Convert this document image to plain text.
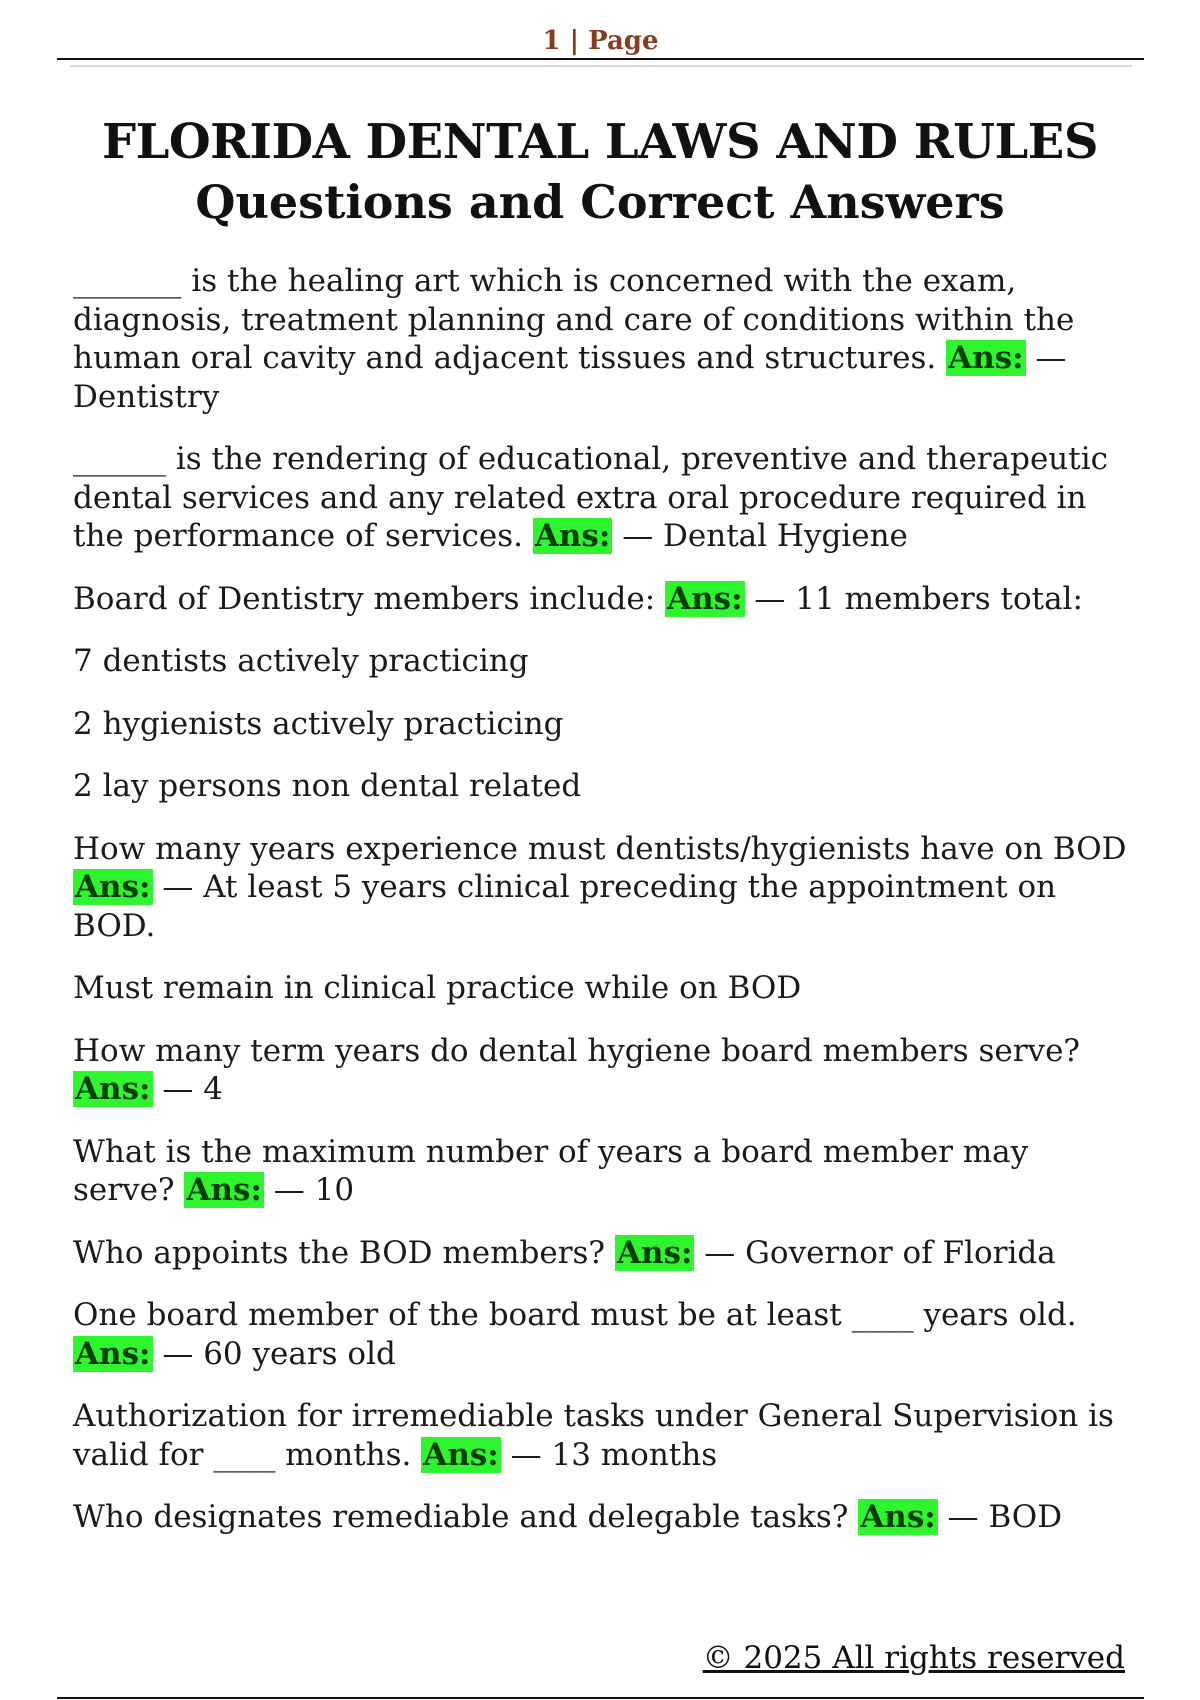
1 | Page
FLORIDA DENTAL LAWS AND RULES
Questions and Correct Answers

_______ is the healing art which is concerned with the exam, diagnosis, treatment planning and care of conditions within the human oral cavity and adjacent tissues and structures. Ans: — Dentistry

______ is the rendering of educational, preventive and therapeutic dental services and any related extra oral procedure required in the performance of services. Ans: — Dental Hygiene

Board of Dentistry members include: Ans: — 11 members total:

7 dentists actively practicing

2 hygienists actively practicing

2 lay persons non dental related

How many years experience must dentists/hygienists have on BOD
Ans: — At least 5 years clinical preceding the appointment on BOD.

Must remain in clinical practice while on BOD

How many term years do dental hygiene board members serve?
Ans: — 4

What is the maximum number of years a board member may serve? Ans: — 10

Who appoints the BOD members? Ans: — Governor of Florida

One board member of the board must be at least ____ years old.
Ans: — 60 years old

Authorization for irremediable tasks under General Supervision is valid for ____ months. Ans: — 13 months

Who designates remediable and delegable tasks? Ans: — BOD

© 2025 All rights reserved
